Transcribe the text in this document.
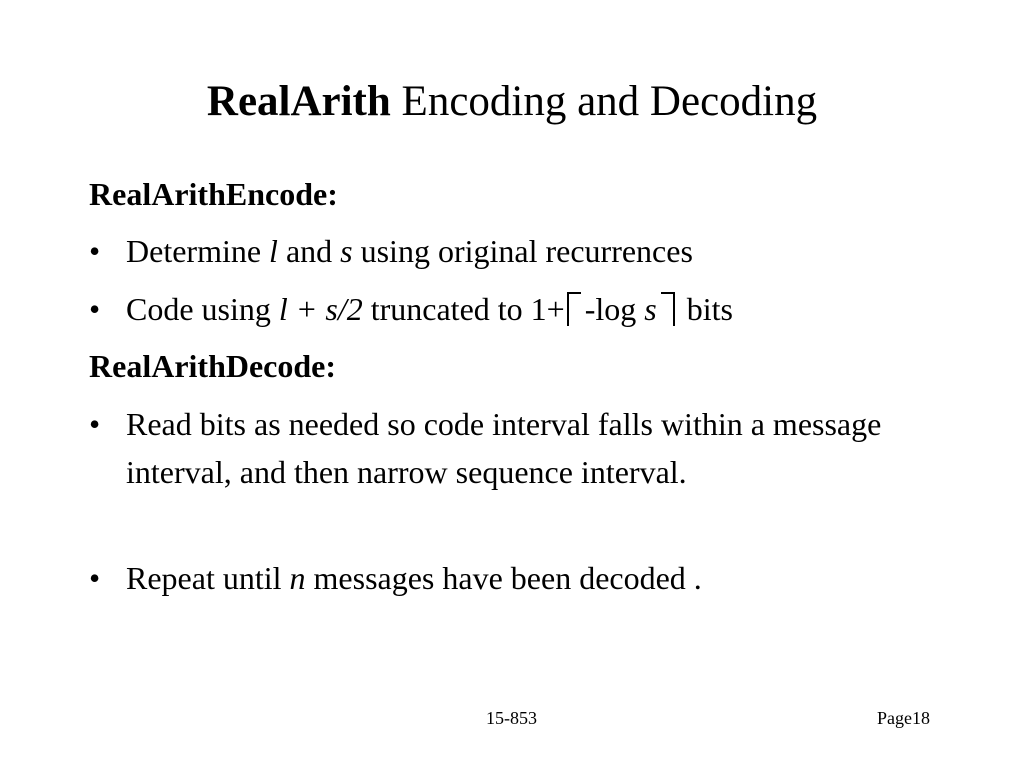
RealArith Encoding and Decoding
RealArithEncode:
• Determine l and s using original recurrences
• Code using l + s/2 truncated to 1+ -log s bits
RealArithDecode:
• Read bits as needed so code interval falls within a message interval, and then narrow sequence interval.
• Repeat until n messages have been decoded .
15-853	Page18
